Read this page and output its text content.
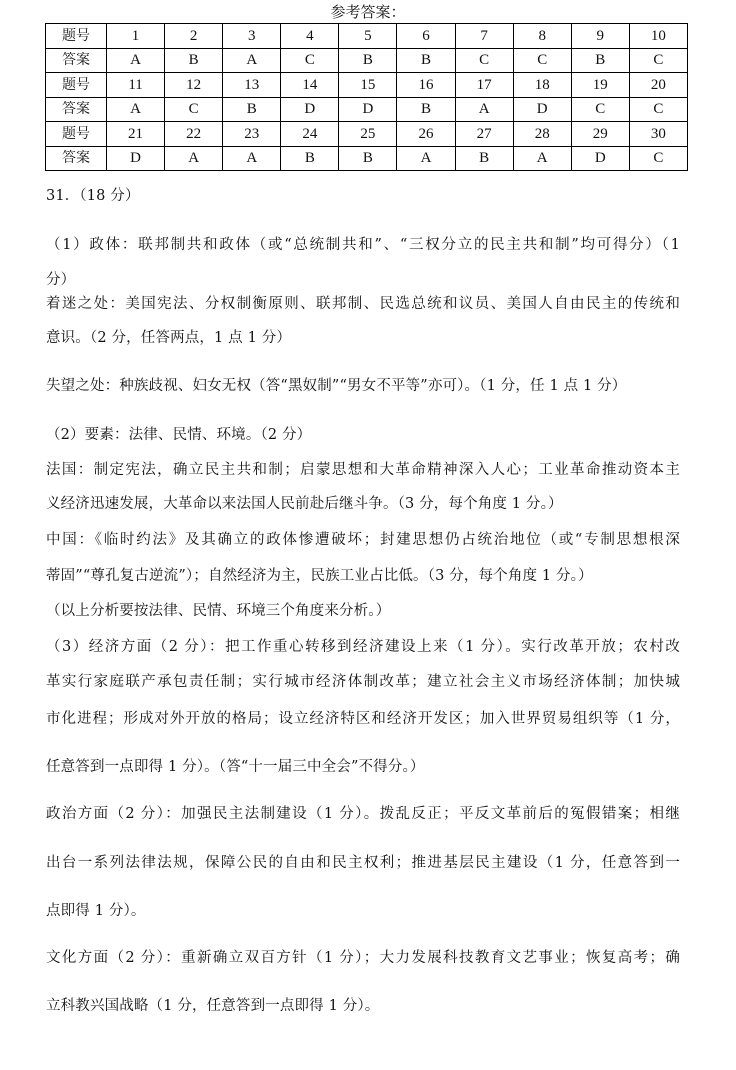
参考答案：
题号	1	2	3	4	5	6	7	8	9	10
答案	A	B	A	C	B	B	C	C	B	C
题号	11	12	13	14	15	16	17	18	19	20
答案	A	C	B	D	D	B	A	D	C	C
题号	21	22	23	24	25	26	27	28	29	30
答案	D	A	A	B	B	A	B	A	D	C
31．（18 分）
（1）政体：联邦制共和政体（或“总统制共和”、“三权分立的民主共和制”均可得分）（1
分）
着迷之处：美国宪法、分权制衡原则、联邦制、民选总统和议员、美国人自由民主的传统和
意识。（2 分，任答两点，1 点 1 分）
失望之处：种族歧视、妇女无权（答“黑奴制”“男女不平等”亦可）。（1 分，任 1 点 1 分）
（2）要素：法律、民情、环境。（2 分）
法国：制定宪法，确立民主共和制；启蒙思想和大革命精神深入人心；工业革命推动资本主
义经济迅速发展，大革命以来法国人民前赴后继斗争。（3 分，每个角度 1 分。）
中国：《临时约法》及其确立的政体惨遭破坏；封建思想仍占统治地位（或“专制思想根深
蒂固”“尊孔复古逆流”）；自然经济为主，民族工业占比低。（3 分，每个角度 1 分。）
（以上分析要按法律、民情、环境三个角度来分析。）
（3）经济方面（2 分）：把工作重心转移到经济建设上来（1 分）。实行改革开放；农村改
革实行家庭联产承包责任制；实行城市经济体制改革；建立社会主义市场经济体制；加快城
市化进程；形成对外开放的格局；设立经济特区和经济开发区；加入世界贸易组织等（1 分，
任意答到一点即得 1 分）。（答“十一届三中全会”不得分。）
政治方面（2 分）：加强民主法制建设（1 分）。拨乱反正；平反文革前后的冤假错案；相继
出台一系列法律法规，保障公民的自由和民主权利；推进基层民主建设（1 分，任意答到一
点即得 1 分）。
文化方面（2 分）：重新确立双百方针（1 分）；大力发展科技教育文艺事业；恢复高考；确
立科教兴国战略（1 分，任意答到一点即得 1 分）。
